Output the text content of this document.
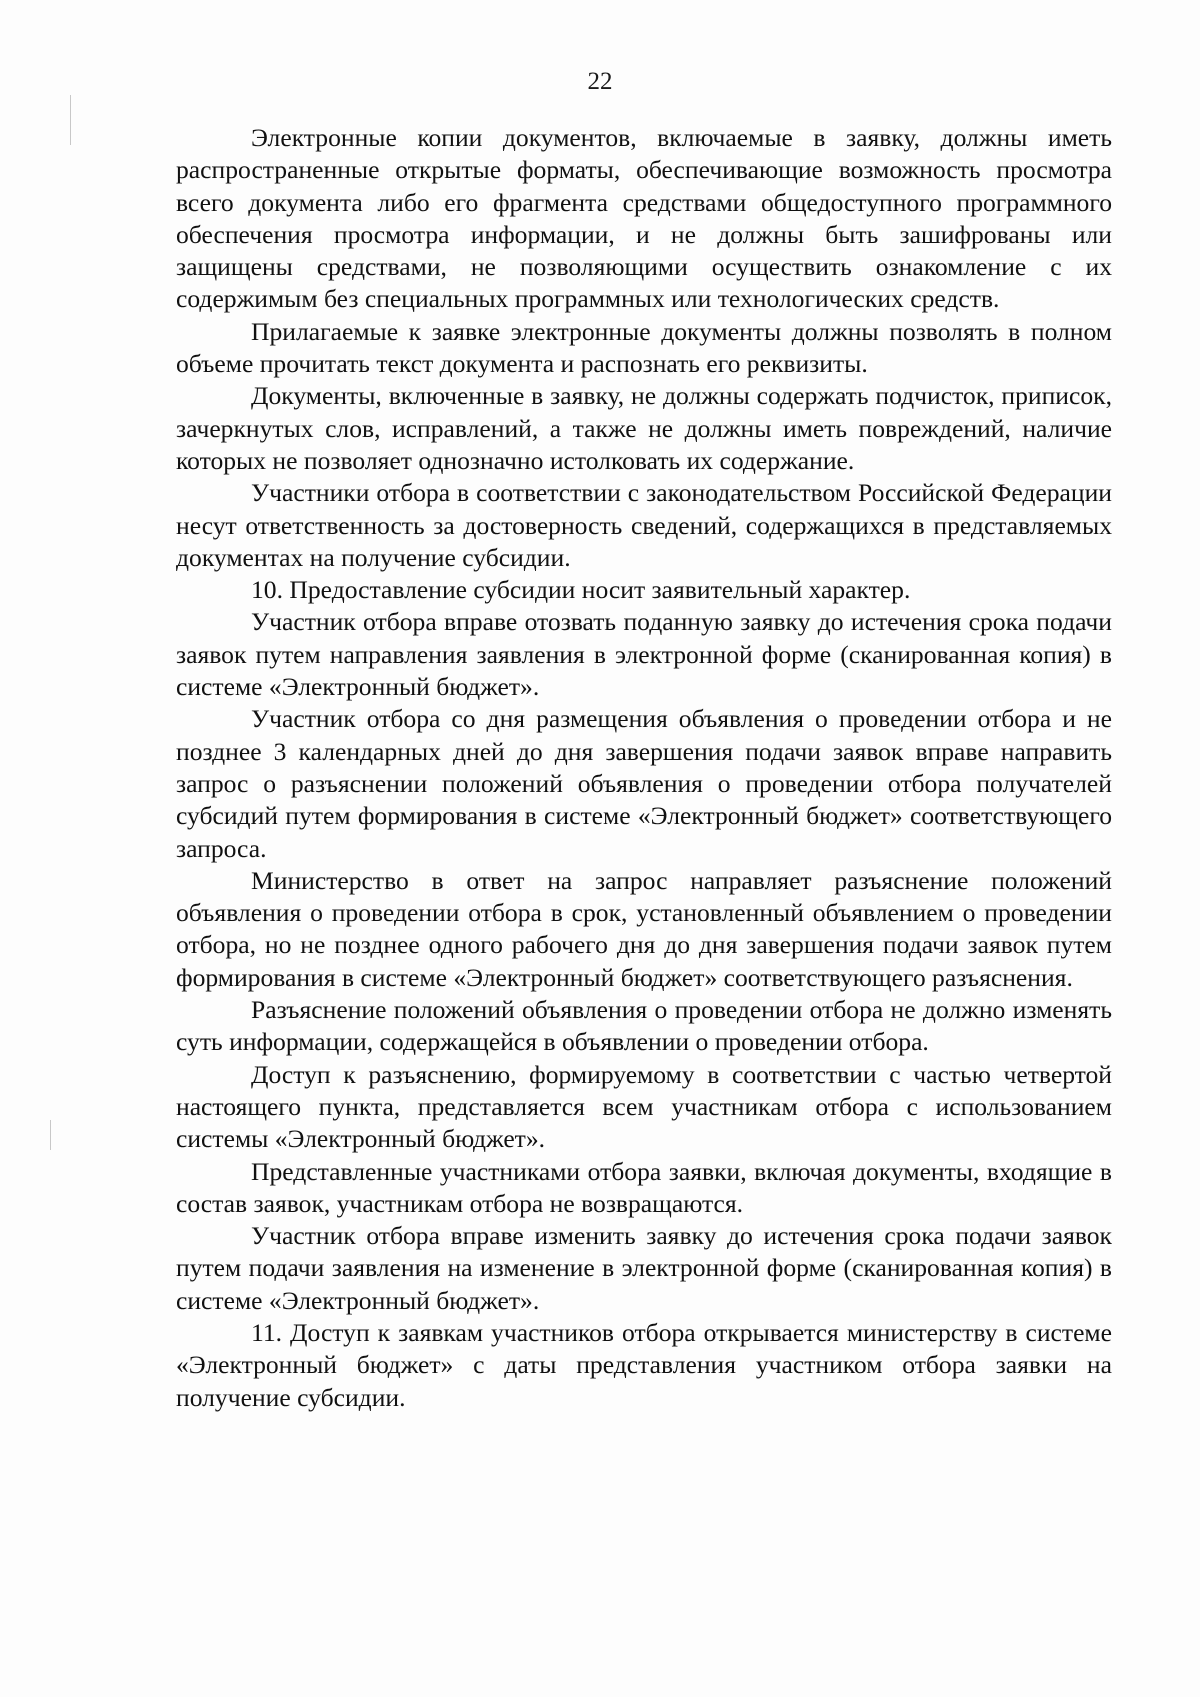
22

Электронные копии документов, включаемые в заявку, должны иметь распространенные открытые форматы, обеспечивающие возможность просмотра всего документа либо его фрагмента средствами общедоступного программного обеспечения просмотра информации, и не должны быть зашифрованы или защищены средствами, не позволяющими осуществить ознакомление с их содержимым без специальных программных или технологических средств.

Прилагаемые к заявке электронные документы должны позволять в полном объеме прочитать текст документа и распознать его реквизиты.

Документы, включенные в заявку, не должны содержать подчисток, приписок, зачеркнутых слов, исправлений, а также не должны иметь повреждений, наличие которых не позволяет однозначно истолковать их содержание.

Участники отбора в соответствии с законодательством Российской Федерации несут ответственность за достоверность сведений, содержащихся в представляемых документах на получение субсидии.

10. Предоставление субсидии носит заявительный характер.

Участник отбора вправе отозвать поданную заявку до истечения срока подачи заявок путем направления заявления в электронной форме (сканированная копия) в системе «Электронный бюджет».

Участник отбора со дня размещения объявления о проведении отбора и не позднее 3 календарных дней до дня завершения подачи заявок вправе направить запрос о разъяснении положений объявления о проведении отбора получателей субсидий путем формирования в системе «Электронный бюджет» соответствующего запроса.

Министерство в ответ на запрос направляет разъяснение положений объявления о проведении отбора в срок, установленный объявлением о проведении отбора, но не позднее одного рабочего дня до дня завершения подачи заявок путем формирования в системе «Электронный бюджет» соответствующего разъяснения.

Разъяснение положений объявления о проведении отбора не должно изменять суть информации, содержащейся в объявлении о проведении отбора.

Доступ к разъяснению, формируемому в соответствии с частью четвертой настоящего пункта, представляется всем участникам отбора с использованием системы «Электронный бюджет».

Представленные участниками отбора заявки, включая документы, входящие в состав заявок, участникам отбора не возвращаются.

Участник отбора вправе изменить заявку до истечения срока подачи заявок путем подачи заявления на изменение в электронной форме (сканированная копия) в системе «Электронный бюджет».

11. Доступ к заявкам участников отбора открывается министерству в системе «Электронный бюджет» с даты представления участником отбора заявки на получение субсидии.
